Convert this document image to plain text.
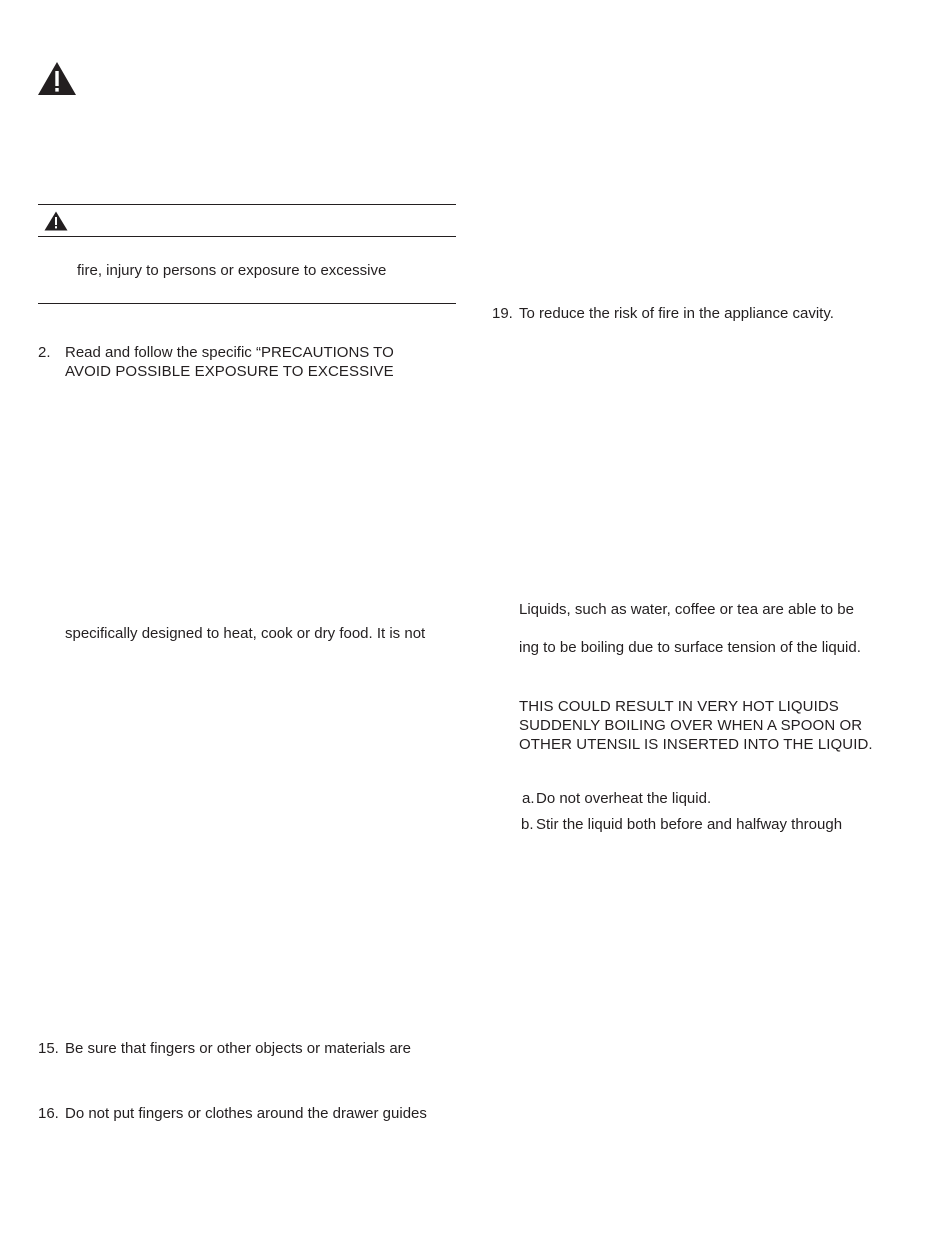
fire, injury to persons or exposure to excessive
2. Read and follow the specific “PRECAUTIONS TO
AVOID POSSIBLE EXPOSURE TO EXCESSIVE
specifically designed to heat, cook or dry food. It is not
15. Be sure that fingers or other objects or materials are
16. Do not put fingers or clothes around the drawer guides
19. To reduce the risk of fire in the appliance cavity.
Liquids, such as water, coffee or tea are able to be
ing to be boiling due to surface tension of the liquid.
THIS COULD RESULT IN VERY HOT LIQUIDS
SUDDENLY BOILING OVER WHEN A SPOON OR
OTHER UTENSIL IS INSERTED INTO THE LIQUID.
a. Do not overheat the liquid.
b. Stir the liquid both before and halfway through
